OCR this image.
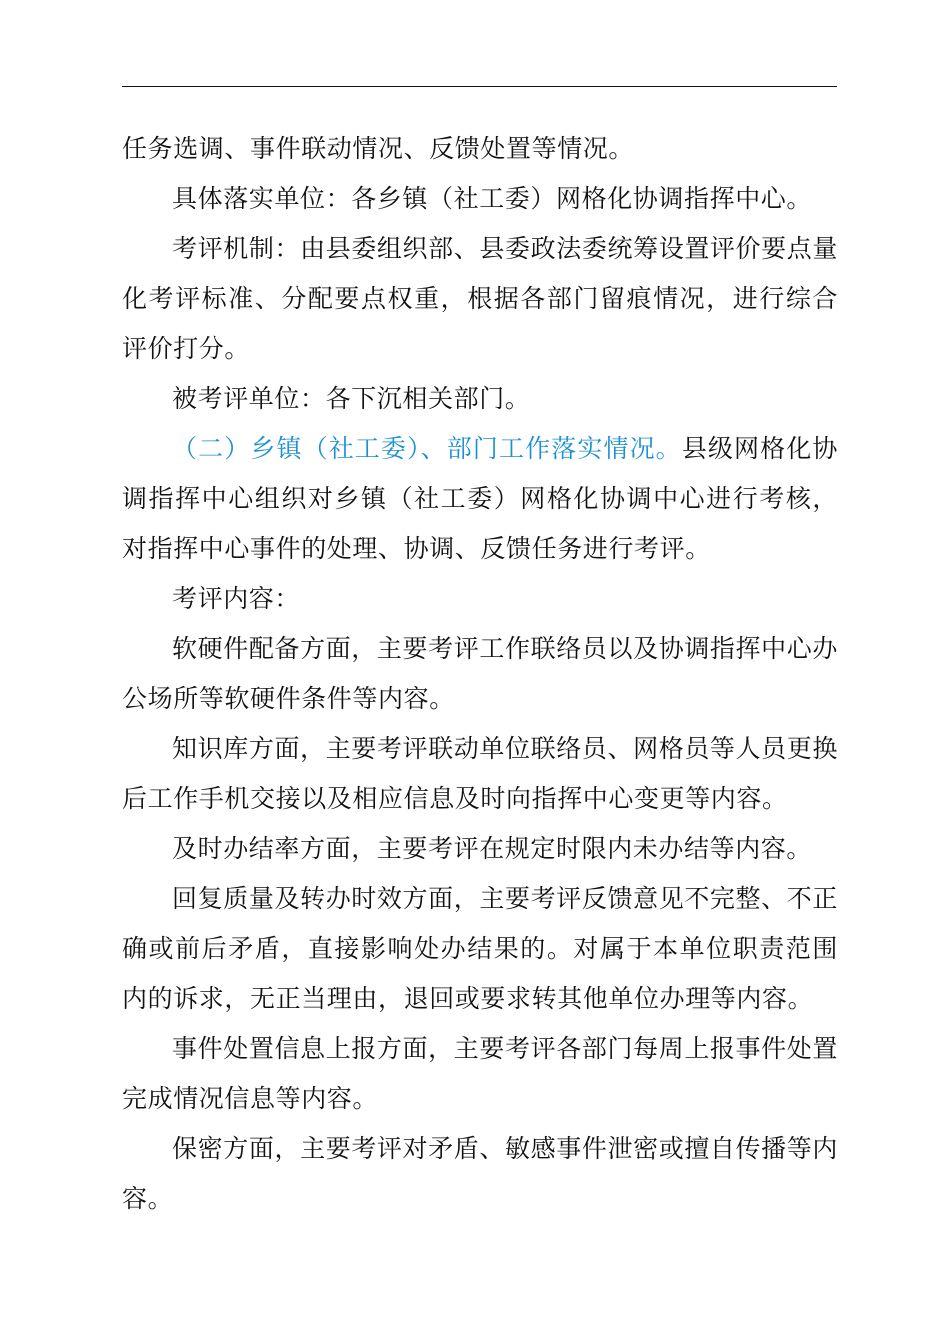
任务选调、事件联动情况、反馈处置等情况。

具体落实单位：各乡镇（社工委）网格化协调指挥中心。

考评机制：由县委组织部、县委政法委统筹设置评价要点量化考评标准、分配要点权重，根据各部门留痕情况，进行综合评价打分。

被考评单位：各下沉相关部门。

（二）乡镇（社工委）、部门工作落实情况。县级网格化协调指挥中心组织对乡镇（社工委）网格化协调中心进行考核，对指挥中心事件的处理、协调、反馈任务进行考评。

考评内容：

软硬件配备方面，主要考评工作联络员以及协调指挥中心办公场所等软硬件条件等内容。

知识库方面，主要考评联动单位联络员、网格员等人员更换后工作手机交接以及相应信息及时向指挥中心变更等内容。

及时办结率方面，主要考评在规定时限内未办结等内容。

回复质量及转办时效方面，主要考评反馈意见不完整、不正确或前后矛盾，直接影响处办结果的。对属于本单位职责范围内的诉求，无正当理由，退回或要求转其他单位办理等内容。

事件处置信息上报方面，主要考评各部门每周上报事件处置完成情况信息等内容。

保密方面，主要考评对矛盾、敏感事件泄密或擅自传播等内容。
